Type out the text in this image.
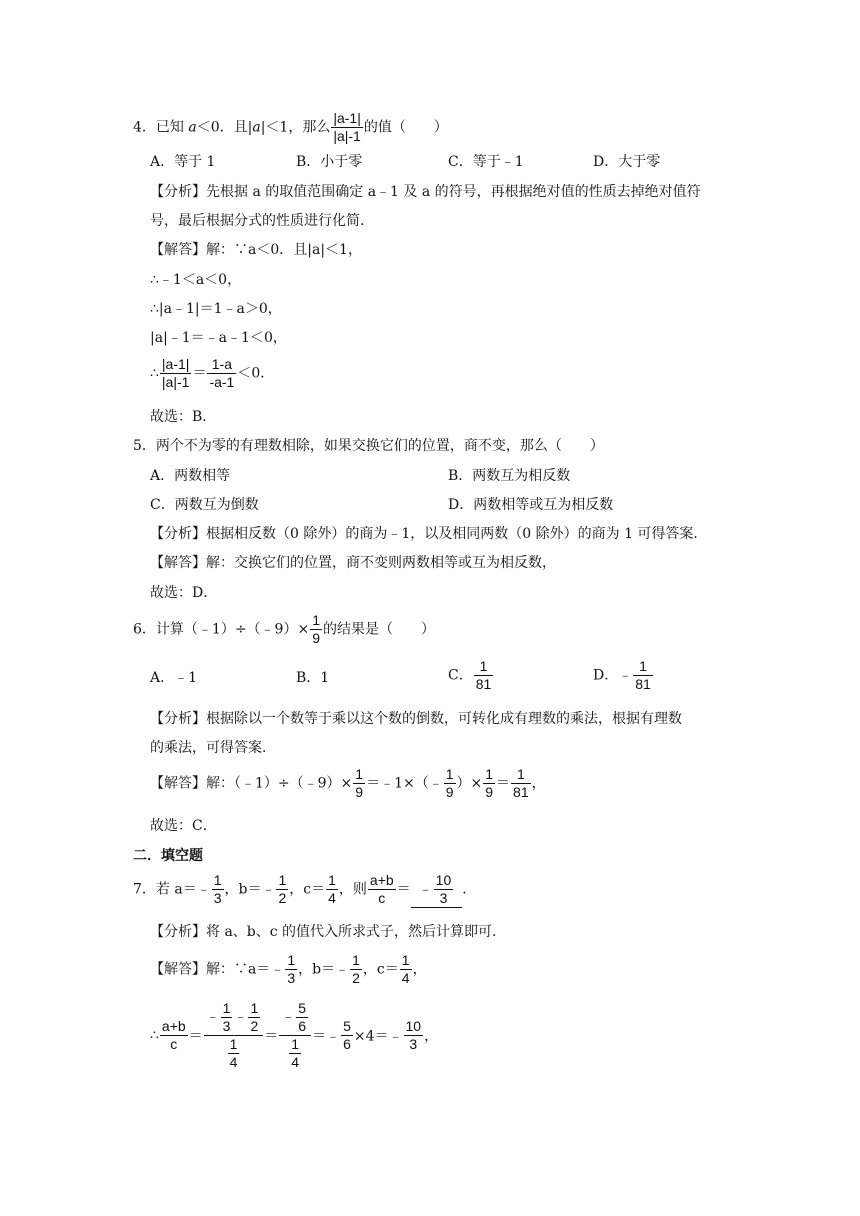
4．已知 a＜0．且|a|＜1，那么 $\frac{|a-1|}{|a|-1}$ 的值（　　）
A．等于 1	B．小于零	C．等于﹣1	D．大于零
【分析】先根据 a 的取值范围确定 a﹣1 及 a 的符号，再根据绝对值的性质去掉绝对值符
号，最后根据分式的性质进行化简．
【解答】解：∵a＜0．且|a|＜1，
∴﹣1＜a＜0，
∴|a﹣1|＝1﹣a＞0，
|a|﹣1＝﹣a﹣1＜0，
∴ $\frac{|a-1|}{|a|-1} = \frac{1-a}{-a-1} <0$．
故选：B．
5．两个不为零的有理数相除，如果交换它们的位置，商不变，那么（　　）
A．两数相等	B．两数互为相反数
C．两数互为倒数	D．两数相等或互为相反数
【分析】根据相反数（0 除外）的商为﹣1，以及相同两数（0 除外）的商为 1 可得答案．
【解答】解：交换它们的位置，商不变则两数相等或互为相反数，
故选：D．
6．计算（﹣1）÷（﹣9）× $\frac{1}{9}$ 的结果是（　　）
A．﹣1	B．1	C． $\frac{1}{81}$	D．﹣ $\frac{1}{81}$
【分析】根据除以一个数等于乘以这个数的倒数，可转化成有理数的乘法，根据有理数
的乘法，可得答案．
【解答】解：（﹣1）÷（﹣9）× $\frac{1}{9}$ ＝﹣1×（﹣ $\frac{1}{9}$ ）× $\frac{1}{9} = \frac{1}{81}$ ，
故选：C．
二．填空题
7．若 a＝﹣ $\frac{1}{3}$ ，b＝﹣ $\frac{1}{2}$ ，$c= \frac{1}{4}$ ，则 $\frac{a+b}{c}$ ＝ ﹣ $\frac{10}{3}$ ．
【分析】将 a、b、c 的值代入所求式子，然后计算即可．
【解答】解：∵a＝﹣ $\frac{1}{3}$ ，b＝﹣ $\frac{1}{2}$ ，$c= \frac{1}{4}$ ，
∴ $\frac{a+b}{c} = \frac{﹣ \frac{1}{3} ﹣ \frac{1}{2}}{\frac{1}{4}} = \frac{﹣ \frac{5}{6}}{\frac{1}{4}}$ ＝﹣ $\frac{5}{6}$ ×4＝﹣ $\frac{10}{3}$ ，
